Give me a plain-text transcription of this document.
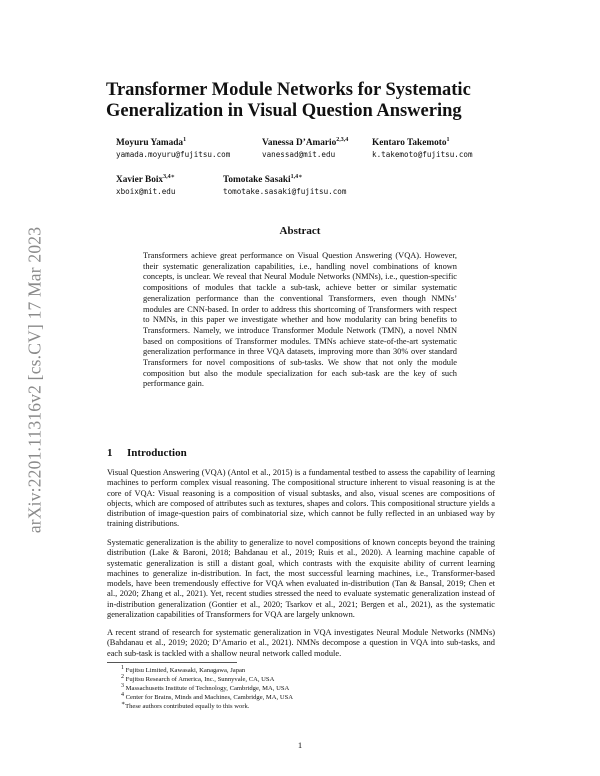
arXiv:2201.11316v2 [cs.CV] 17 Mar 2023
Transformer Module Networks for Systematic Generalization in Visual Question Answering
Moyuru Yamada$^1$
yamada.moyuru@fujitsu.com
Vanessa D’Amario$^{2,3,4}$
vanessad@mit.edu
Kentaro Takemoto$^1$
k.takemoto@fujitsu.com
Xavier Boix$^{3,4∗}$
xboix@mit.edu
Tomotake Sasaki$^{1,4∗}$
tomotake.sasaki@fujitsu.com
Abstract
Transformers achieve great performance on Visual Question Answering (VQA). However, their systematic generalization capabilities, i.e., handling novel combinations of known concepts, is unclear. We reveal that Neural Module Networks (NMNs), i.e., question-specific compositions of modules that tackle a sub-task, achieve better or similar systematic generalization performance than the conventional Transformers, even though NMNs’ modules are CNN-based. In order to address this shortcoming of Transformers with respect to NMNs, in this paper we investigate whether and how modularity can bring benefits to Transformers. Namely, we introduce Transformer Module Network (TMN), a novel NMN based on compositions of Transformer modules. TMNs achieve state-of-the-art systematic generalization performance in three VQA datasets, improving more than 30% over standard Transformers for novel compositions of sub-tasks. We show that not only the module composition but also the module specialization for each sub-task are the key of such performance gain.
1 Introduction
Visual Question Answering (VQA) (Antol et al., 2015) is a fundamental testbed to assess the capability of learning machines to perform complex visual reasoning. The compositional structure inherent to visual reasoning is at the core of VQA: Visual reasoning is a composition of visual subtasks, and also, visual scenes are compositions of objects, which are composed of attributes such as textures, shapes and colors. This compositional structure yields a distribution of image-question pairs of combinatorial size, which cannot be fully reflected in an unbiased way by training distributions.
Systematic generalization is the ability to generalize to novel compositions of known concepts beyond the training distribution (Lake & Baroni, 2018; Bahdanau et al., 2019; Ruis et al., 2020). A learning machine capable of systematic generalization is still a distant goal, which contrasts with the exquisite ability of current learning machines to generalize in-distribution. In fact, the most successful learning machines, i.e., Transformer-based models, have been tremendously effective for VQA when evaluated in-distribution (Tan & Bansal, 2019; Chen et al., 2020; Zhang et al., 2021). Yet, recent studies stressed the need to evaluate systematic generalization instead of in-distribution generalization (Gontier et al., 2020; Tsarkov et al., 2021; Bergen et al., 2021), as the systematic generalization capabilities of Transformers for VQA are largely unknown.
A recent strand of research for systematic generalization in VQA investigates Neural Module Networks (NMNs) (Bahdanau et al., 2019; 2020; D’Amario et al., 2021). NMNs decompose a question in VQA into sub-tasks, and each sub-task is tackled with a shallow neural network called module.
$^1$ Fujitsu Limited, Kawasaki, Kanagawa, Japan
$^2$ Fujitsu Research of America, Inc., Sunnyvale, CA, USA
$^3$ Massachusetts Institute of Technology, Cambridge, MA, USA
$^4$ Center for Brains, Minds and Machines, Cambridge, MA, USA
∗These authors contributed equally to this work.
1
